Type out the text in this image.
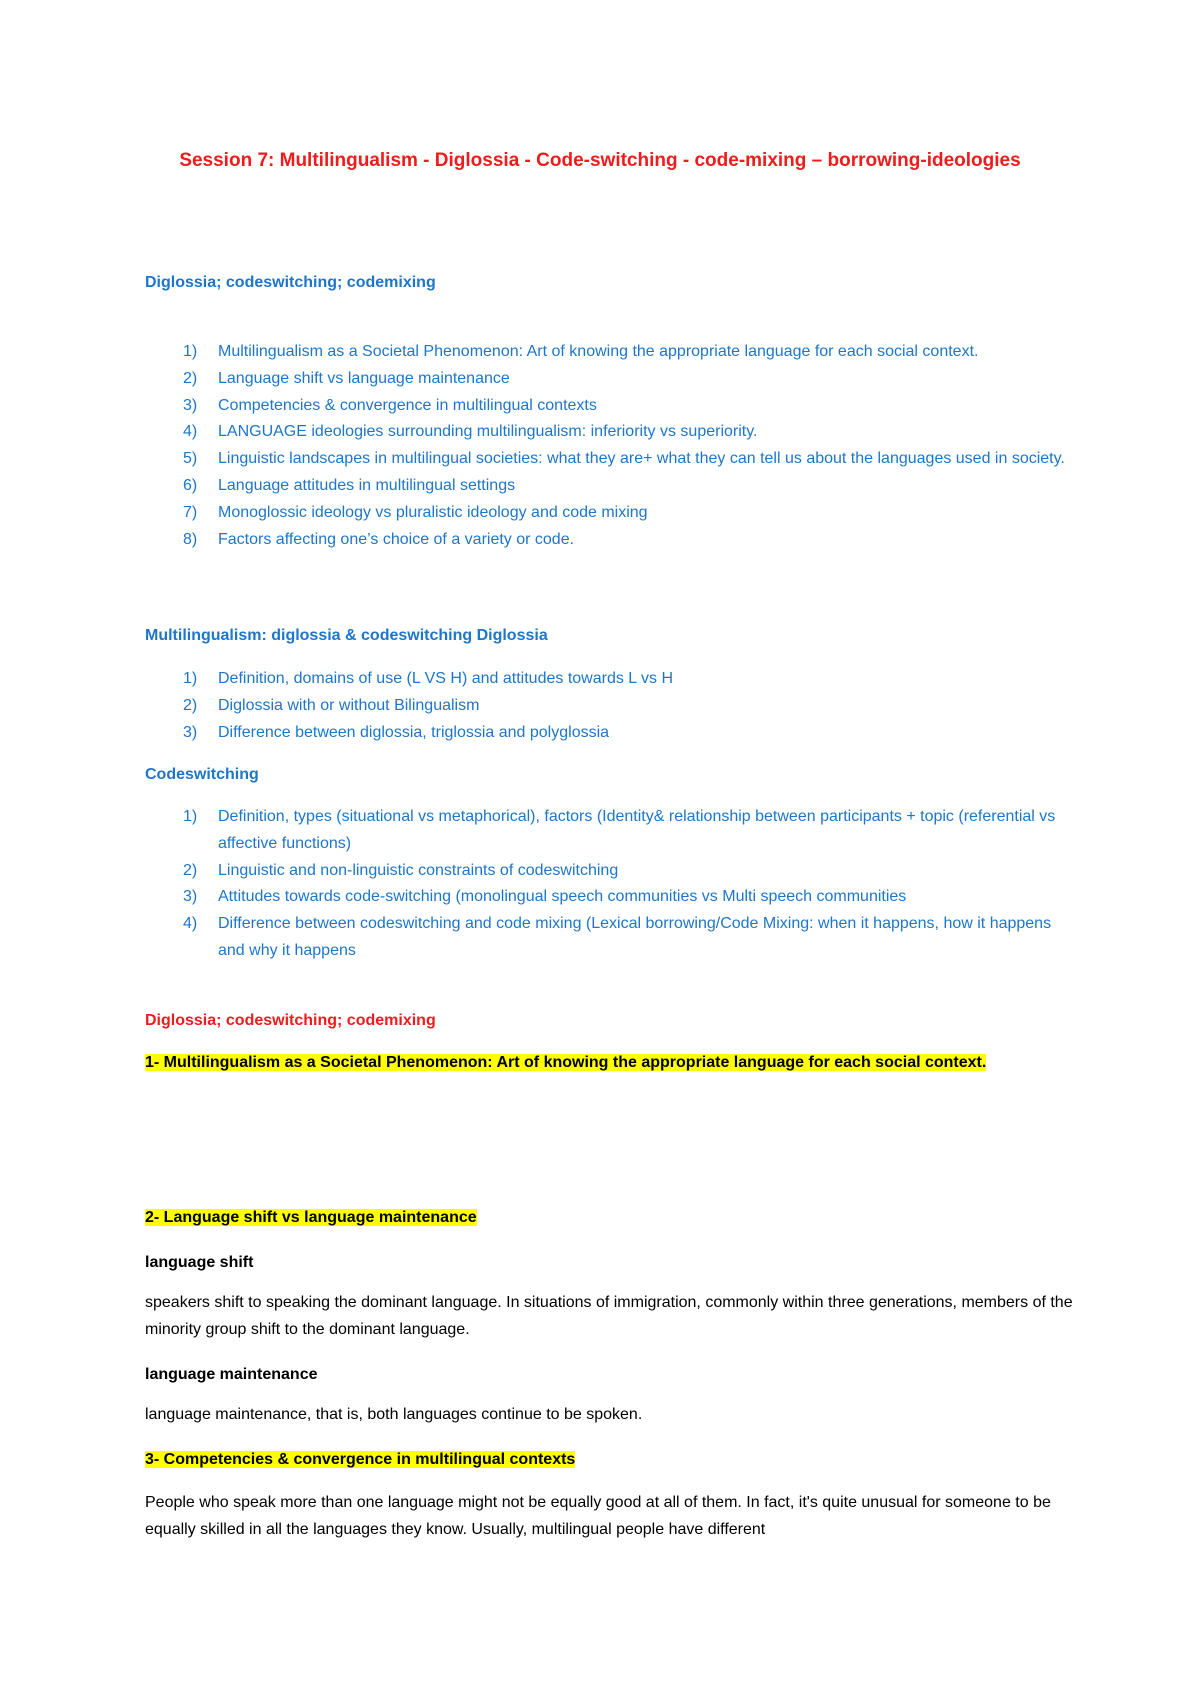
Session 7: Multilingualism - Diglossia - Code-switching - code-mixing – borrowing-ideologies
Diglossia; codeswitching; codemixing
1) Multilingualism as a Societal Phenomenon: Art of knowing the appropriate language for each social context.
2) Language shift vs language maintenance
3) Competencies & convergence in multilingual contexts
4) LANGUAGE ideologies surrounding multilingualism: inferiority vs superiority.
5) Linguistic landscapes in multilingual societies: what they are+ what they can tell us about the languages used in society.
6) Language attitudes in multilingual settings
7) Monoglossic ideology vs pluralistic ideology and code mixing
8) Factors affecting one’s choice of a variety or code.
Multilingualism: diglossia & codeswitching Diglossia
1) Definition, domains of use (L VS H) and attitudes towards L vs H
2) Diglossia with or without Bilingualism
3) Difference between diglossia, triglossia and polyglossia
Codeswitching
1) Definition, types (situational vs metaphorical), factors (Identity& relationship between participants + topic (referential vs affective functions)
2) Linguistic and non-linguistic constraints of codeswitching
3) Attitudes towards code-switching (monolingual speech communities vs Multi speech communities
4) Difference between codeswitching and code mixing (Lexical borrowing/Code Mixing: when it happens, how it happens and why it happens
Diglossia; codeswitching; codemixing
1- Multilingualism as a Societal Phenomenon: Art of knowing the appropriate language for each social context.
2- Language shift vs language maintenance
language shift

speakers shift to speaking the dominant language. In situations of immigration, commonly within three generations, members of the minority group shift to the dominant language.

language maintenance

language maintenance, that is, both languages continue to be spoken.

3- Competencies & convergence in multilingual contexts

People who speak more than one language might not be equally good at all of them. In fact, it's quite unusual for someone to be equally skilled in all the languages they know. Usually, multilingual people have different
